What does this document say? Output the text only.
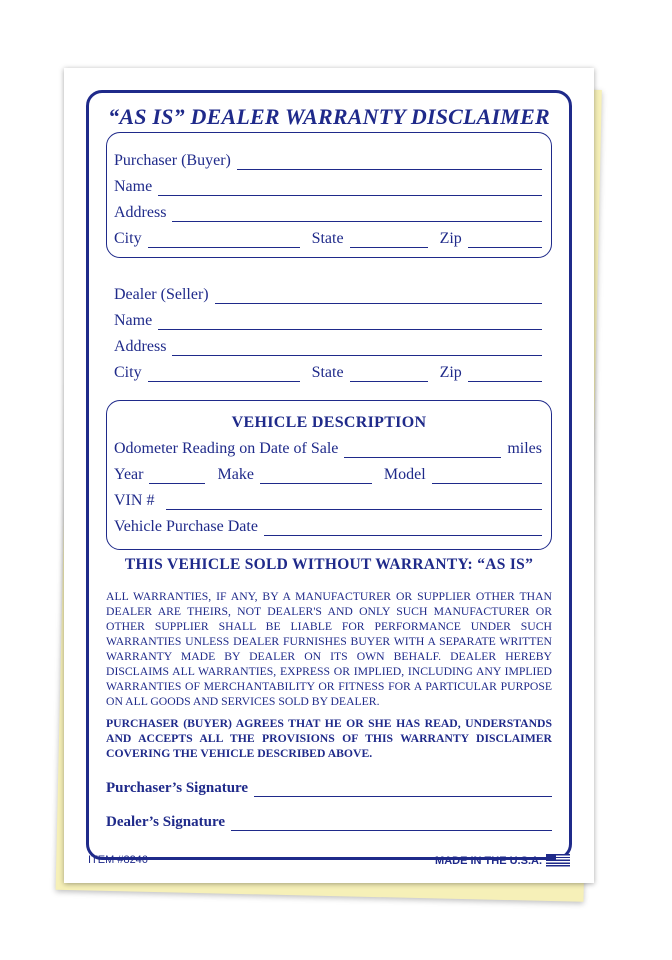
“AS IS” DEALER WARRANTY DISCLAIMER
Purchaser (Buyer)
Name
Address
City	State	Zip
Dealer (Seller)
Name
Address
City	State	Zip
VEHICLE DESCRIPTION
Odometer Reading on Date of Sale	miles
Year	Make	Model
VIN #
Vehicle Purchase Date
THIS VEHICLE SOLD WITHOUT WARRANTY: “AS IS”
ALL WARRANTIES, IF ANY, BY A MANUFACTURER OR SUPPLIER OTHER THAN DEALER ARE THEIRS, NOT DEALER'S AND ONLY SUCH MANUFACTURER OR OTHER SUPPLIER SHALL BE LIABLE FOR PERFORMANCE UNDER SUCH WARRANTIES UNLESS DEALER FURNISHES BUYER WITH A SEPARATE WRITTEN WARRANTY MADE BY DEALER ON ITS OWN BEHALF. DEALER HEREBY DISCLAIMS ALL WARRANTIES, EXPRESS OR IMPLIED, INCLUDING ANY IMPLIED WARRANTIES OF MERCHANTABILITY OR FITNESS FOR A PARTICULAR PURPOSE ON ALL GOODS AND SERVICES SOLD BY DEALER.
PURCHASER (BUYER) AGREES THAT HE OR SHE HAS READ, UNDERSTANDS AND ACCEPTS ALL THE PROVISIONS OF THIS WARRANTY DISCLAIMER COVERING THE VEHICLE DESCRIBED ABOVE.
Purchaser’s Signature
Dealer’s Signature
ITEM #8246	MADE IN THE U.S.A.
